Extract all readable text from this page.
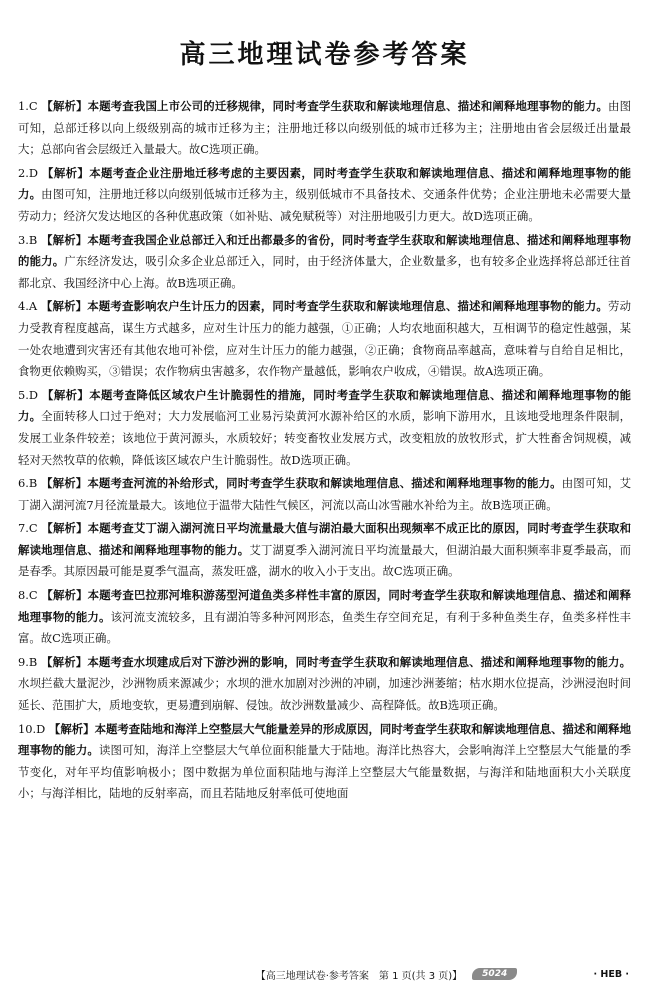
高三地理试卷参考答案
1.C 【解析】本题考查我国上市公司的迁移规律，同时考查学生获取和解读地理信息、描述和阐释地理事物的能力。由图可知，总部迁移以向上级级别高的城市迁移为主；注册地迁移以向级别低的城市迁移为主；注册地由省会层级迁出量最大；总部向省会层级迁入量最大。故C选项正确。
2.D 【解析】本题考查企业注册地迁移考虑的主要因素，同时考查学生获取和解读地理信息、描述和阐释地理事物的能力。由图可知，注册地迁移以向级别低城市迁移为主，级别低城市不具备技术、交通条件优势；企业注册地未必需要大量劳动力；经济欠发达地区的各种优惠政策（如补贴、减免赋税等）对注册地吸引力更大。故D选项正确。
3.B 【解析】本题考查我国企业总部迁入和迁出都最多的省份，同时考查学生获取和解读地理信息、描述和阐释地理事物的能力。广东经济发达，吸引众多企业总部迁入，同时，由于经济体量大，企业数量多，也有较多企业选择将总部迁往首都北京、我国经济中心上海。故B选项正确。
4.A 【解析】本题考查影响农户生计压力的因素，同时考查学生获取和解读地理信息、描述和阐释地理事物的能力。劳动力受教育程度越高，谋生方式越多，应对生计压力的能力越强，①正确；人均农地面积越大，互相调节的稳定性越强，某一处农地遭到灾害还有其他农地可补偿，应对生计压力的能力越强，②正确；食物商品率越高，意味着与自给自足相比，食物更依赖购买，③错误；农作物病虫害越多，农作物产量越低，影响农户收成，④错误。故A选项正确。
5.D 【解析】本题考查降低区域农户生计脆弱性的措施，同时考查学生获取和解读地理信息、描述和阐释地理事物的能力。全面转移人口过于绝对；大力发展临河工业易污染黄河水源补给区的水质，影响下游用水，且该地受地理条件限制，发展工业条件较差；该地位于黄河源头，水质较好；转变畜牧业发展方式，改变粗放的放牧形式，扩大牲畜舍饲规模，减轻对天然牧草的依赖，降低该区域农户生计脆弱性。故D选项正确。
6.B 【解析】本题考查河流的补给形式，同时考查学生获取和解读地理信息、描述和阐释地理事物的能力。由图可知，艾丁湖入湖河流7月径流量最大。该地位于温带大陆性气候区，河流以高山冰雪融水补给为主。故B选项正确。
7.C 【解析】本题考查艾丁湖入湖河流日平均流量最大值与湖泊最大面积出现频率不成正比的原因，同时考查学生获取和解读地理信息、描述和阐释地理事物的能力。艾丁湖夏季入湖河流日平均流量最大，但湖泊最大面积频率非夏季最高，而是春季。其原因最可能是夏季气温高，蒸发旺盛，湖水的收入小于支出。故C选项正确。
8.C 【解析】本题考查巴拉那河堆积游荡型河道鱼类多样性丰富的原因，同时考查学生获取和解读地理信息、描述和阐释地理事物的能力。该河流支流较多，且有湖泊等多种河网形态，鱼类生存空间充足，有利于多种鱼类生存，鱼类多样性丰富。故C选项正确。
9.B 【解析】本题考查水坝建成后对下游沙洲的影响，同时考查学生获取和解读地理信息、描述和阐释地理事物的能力。水坝拦截大量泥沙，沙洲物质来源减少；水坝的泄水加剧对沙洲的冲刷，加速沙洲萎缩；枯水期水位提高，沙洲浸泡时间延长、范围扩大，质地变软，更易遭到崩解、侵蚀。故沙洲数量减少、高程降低。故B选项正确。
10.D 【解析】本题考查陆地和海洋上空整层大气能量差异的形成原因，同时考查学生获取和解读地理信息、描述和阐释地理事物的能力。读图可知，海洋上空整层大气单位面积能量大于陆地。海洋比热容大，会影响海洋上空整层大气能量的季节变化，对年平均值影响极小；图中数据为单位面积陆地与海洋上空整层大气能量数据，与海洋和陆地面积大小关联度小；与海洋相比，陆地的反射率高，而且若陆地反射率低可使地面
【高三地理试卷·参考答案　第 1 页(共 3 页)】	5024	· HEB ·
